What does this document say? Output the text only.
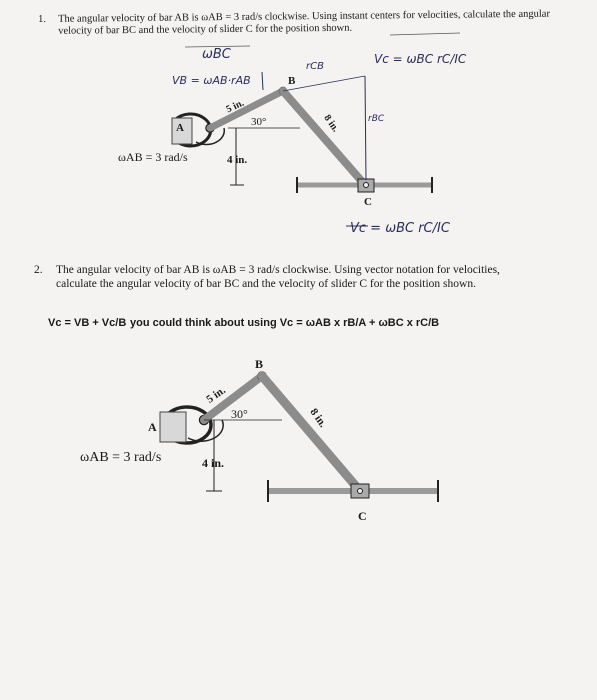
1. The angular velocity of bar AB is ωAB = 3 rad/s clockwise. Using instant centers for velocities, calculate the angular velocity of bar BC and the velocity of slider C for the position shown.
2. The angular velocity of bar AB is ωAB = 3 rad/s clockwise. Using vector notation for velocities, calculate the angular velocity of bar BC and the velocity of slider C for the position shown.
Vc = VB + Vc/B you could think about using Vc = ωAB x rB/A + ωBC x rC/B
A
B
C
ωAB = 3 rad/s
5 in.
30°	8 in.
4 in.
ωBC
VB = ωAB·rAB
rCB
Vc = ωBC rC/IC
rBC
Vc = ωBC rC/IC
A
B
C
ωAB = 3 rad/s
5 in.
30°	8 in.
4 in.
